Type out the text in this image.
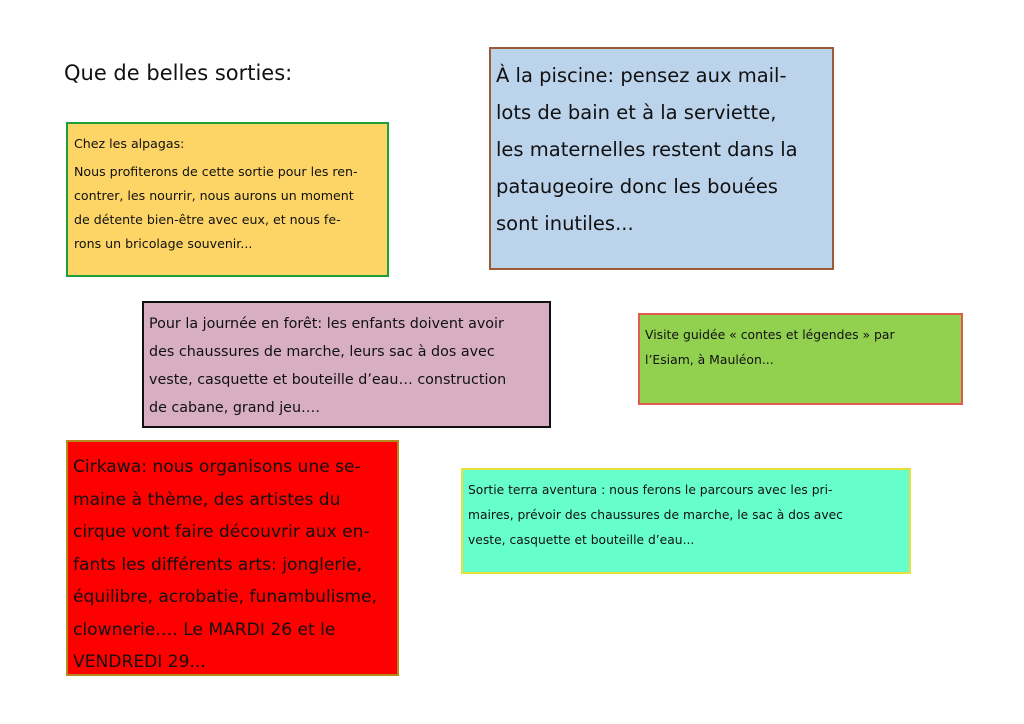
Que de belles sorties:
Chez les alpagas:
Nous profiterons de cette sortie pour les ren-
contrer, les nourrir, nous aurons un moment
de détente bien-être avec eux, et nous fe-
rons un bricolage souvenir...
À la piscine: pensez aux mail-
lots de bain et à la serviette,
les maternelles restent dans la
pataugeoire donc les bouées
sont inutiles...
Pour la journée en forêt: les enfants doivent avoir
des chaussures de marche, leurs sac à dos avec
veste, casquette et bouteille d’eau… construction
de cabane, grand jeu….
Visite guidée « contes et légendes » par
l’Esiam, à Mauléon...
Cirkawa: nous organisons une se-
maine à thème, des artistes du
cirque vont faire découvrir aux en-
fants les différents arts: jonglerie,
équilibre, acrobatie, funambulisme,
clownerie…. Le MARDI 26 et le
VENDREDI 29...
Sortie terra aventura : nous ferons le parcours avec les pri-
maires, prévoir des chaussures de marche, le sac à dos avec
veste, casquette et bouteille d’eau...
